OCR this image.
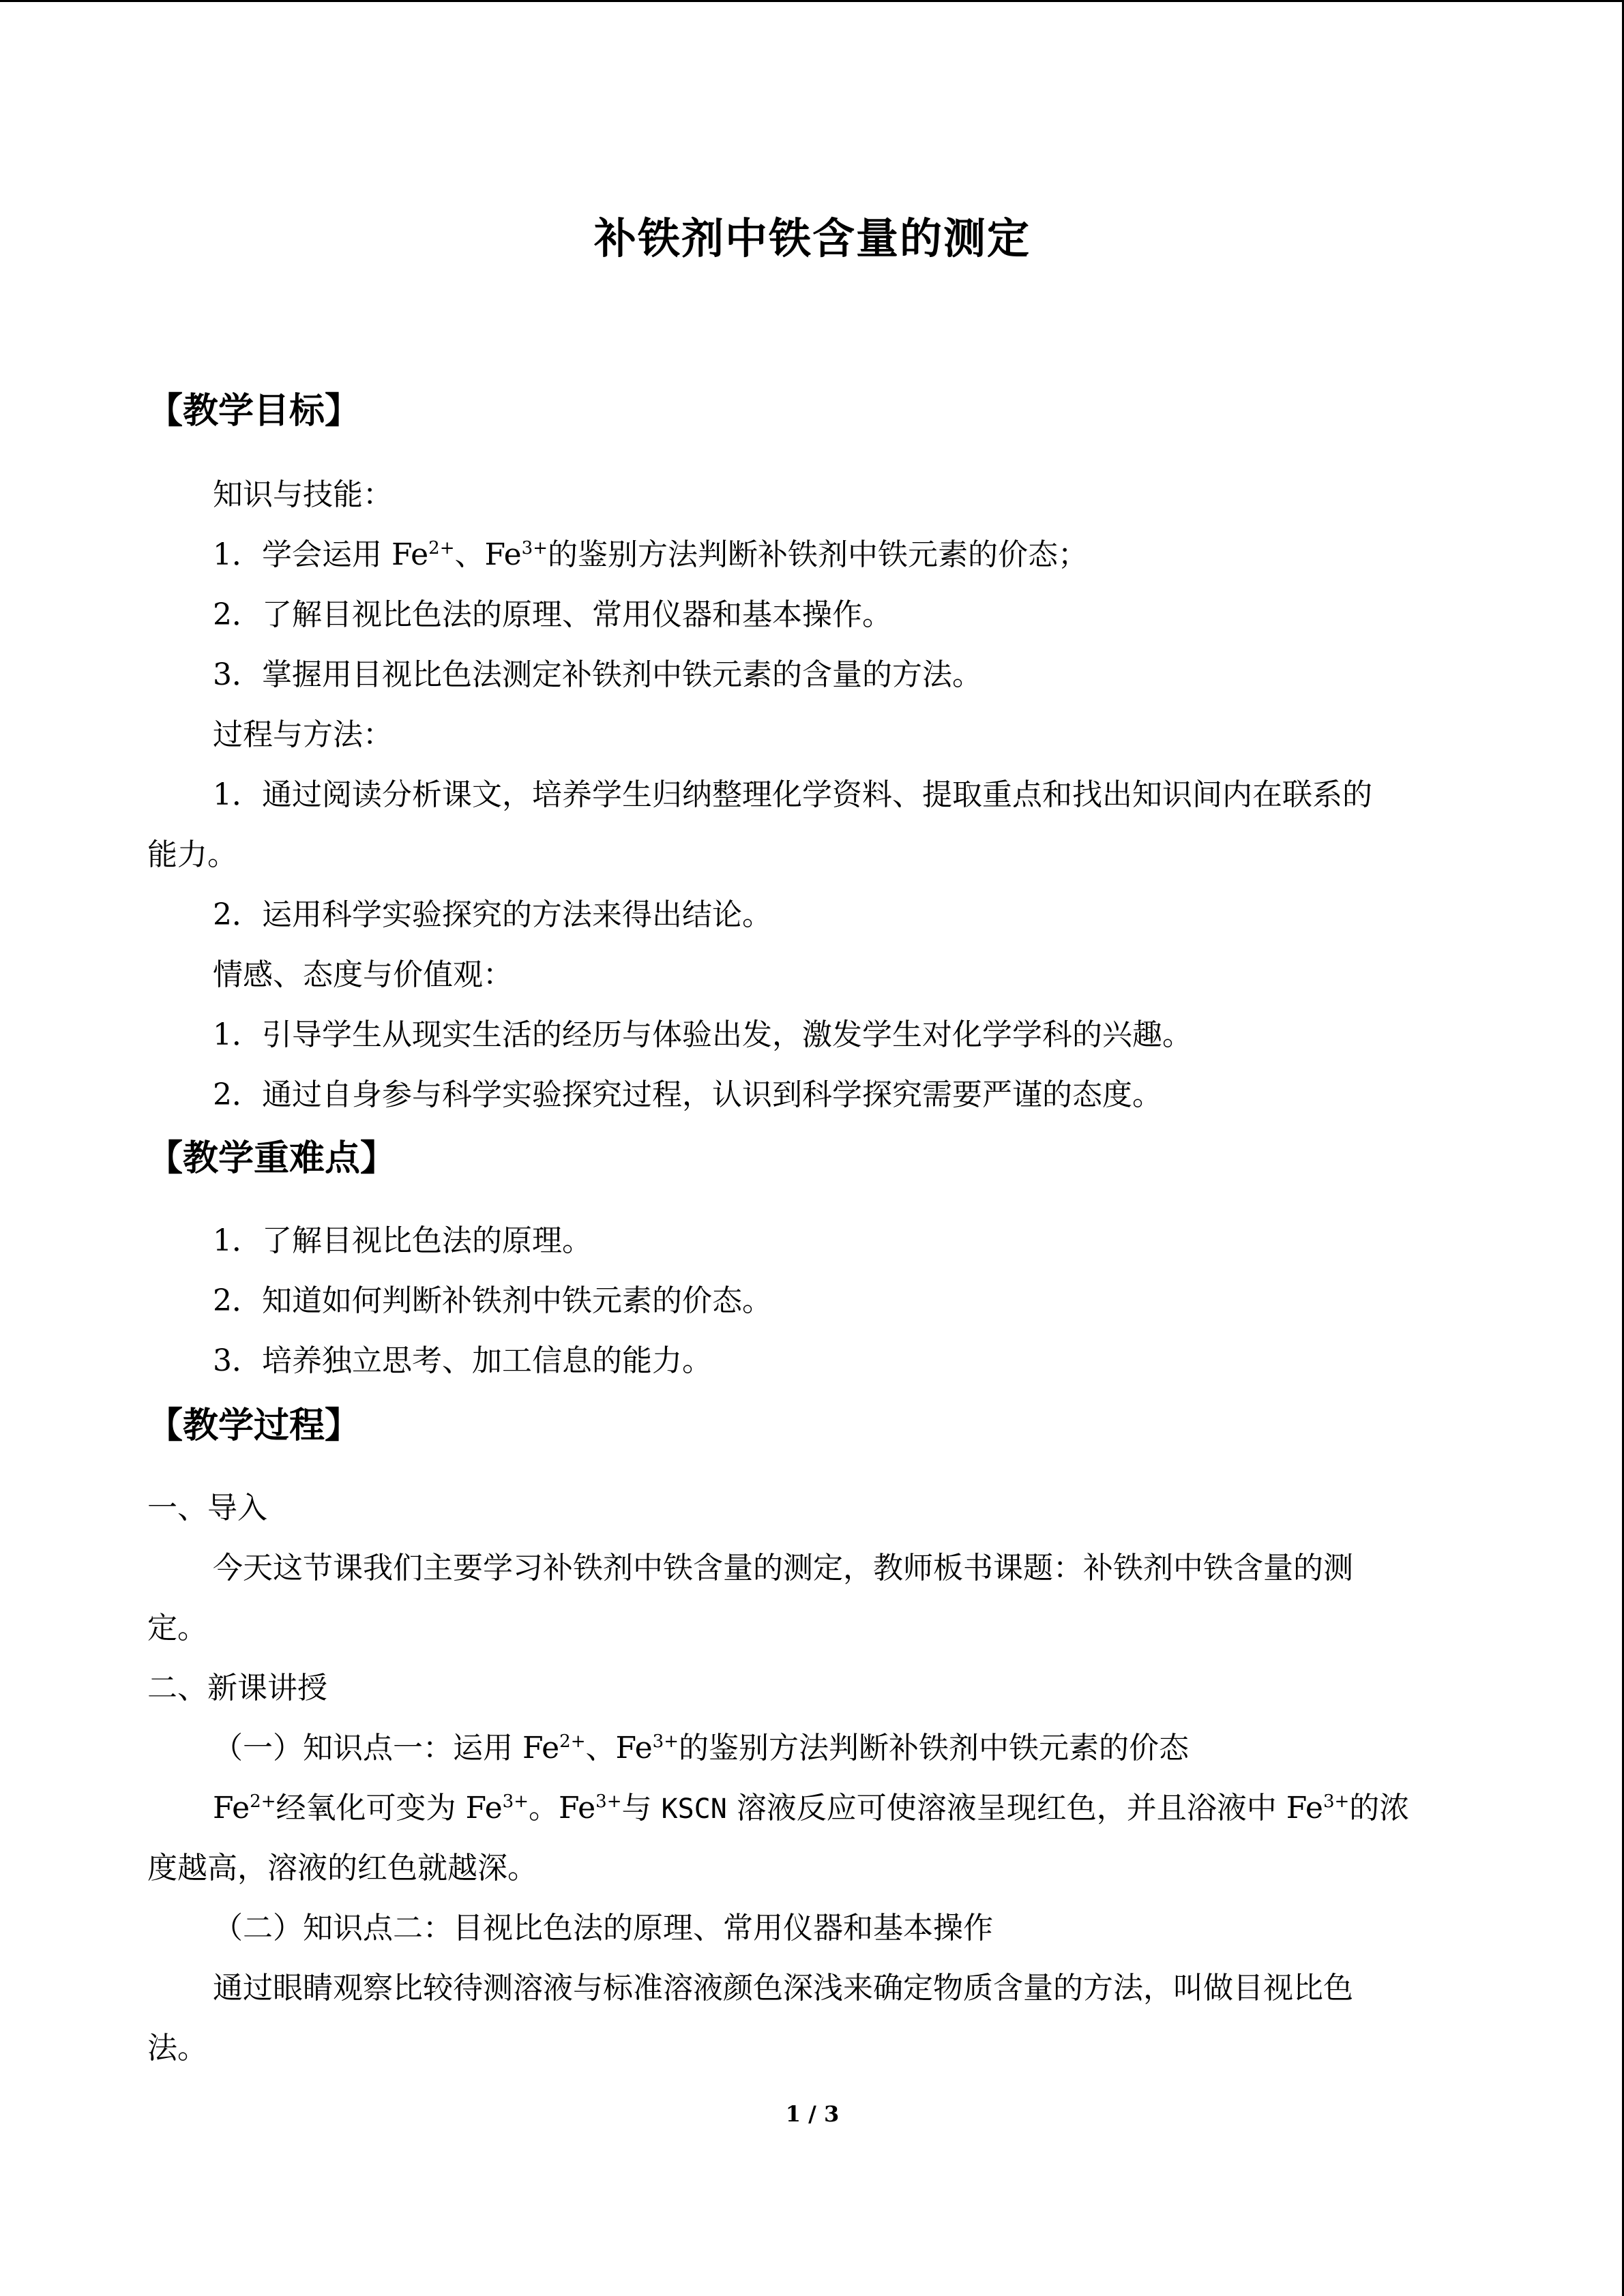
补铁剂中铁含量的测定
【教学目标】
知识与技能：
1．学会运用 $Fe^{2+}$、$Fe^{3+}$的鉴别方法判断补铁剂中铁元素的价态；
2．了解目视比色法的原理、常用仪器和基本操作。
3．掌握用目视比色法测定补铁剂中铁元素的含量的方法。
过程与方法：
1．通过阅读分析课文，培养学生归纳整理化学资料、提取重点和找出知识间内在联系的
能力。
2．运用科学实验探究的方法来得出结论。
情感、态度与价值观：
1．引导学生从现实生活的经历与体验出发，激发学生对化学学科的兴趣。
2．通过自身参与科学实验探究过程，认识到科学探究需要严谨的态度。
【教学重难点】
1．了解目视比色法的原理。
2．知道如何判断补铁剂中铁元素的价态。
3．培养独立思考、加工信息的能力。
【教学过程】
一、导入
今天这节课我们主要学习补铁剂中铁含量的测定，教师板书课题：补铁剂中铁含量的测
定。
二、新课讲授
（一）知识点一：运用 $Fe^{2+}$、$Fe^{3+}$的鉴别方法判断补铁剂中铁元素的价态
$Fe^{2+}$经氧化可变为 $Fe^{3+}$。$Fe^{3+}$与 KSCN 溶液反应可使溶液呈现红色，并且浴液中 $Fe^{3+}$的浓
度越高，溶液的红色就越深。
（二）知识点二：目视比色法的原理、常用仪器和基本操作
通过眼睛观察比较待测溶液与标准溶液颜色深浅来确定物质含量的方法，叫做目视比色
法。
1 / 3
